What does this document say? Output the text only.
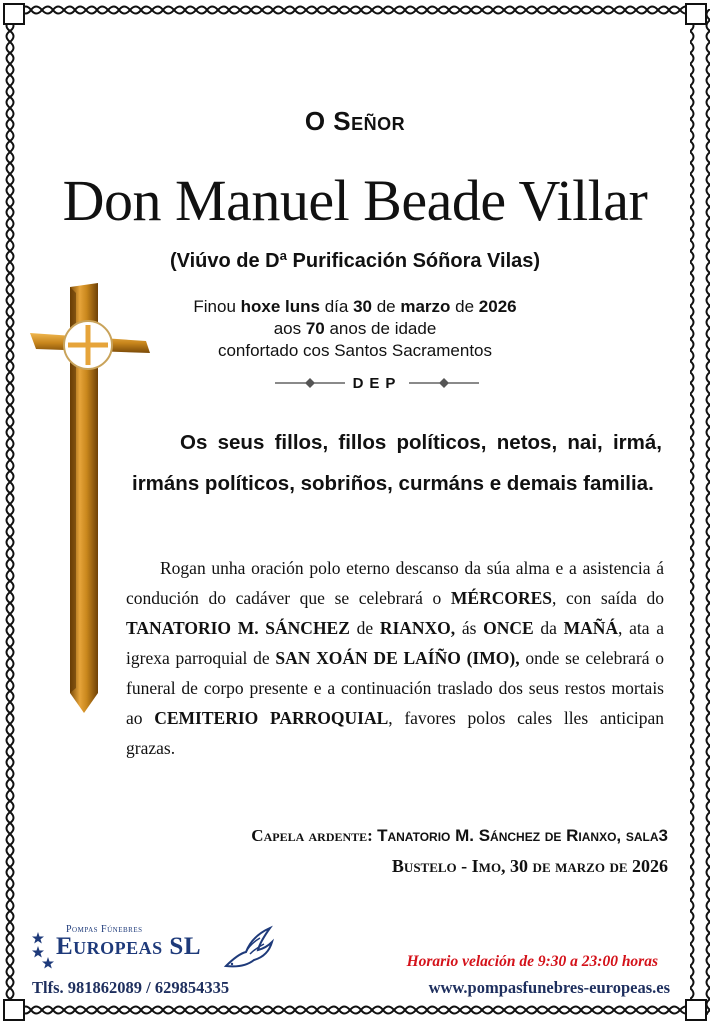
O Señor
Don Manuel Beade Villar
(Viúvo de Dª Purificación Sóñora Vilas)
Finou hoxe luns día 30 de marzo de 2026
aos 70 anos de idade
confortado cos Santos Sacramentos
DEP
Os seus fillos, fillos políticos, netos, nai, irmá, irmáns políticos, sobriños, curmáns e demais familia.
Rogan unha oración polo eterno descanso da súa alma e a asistencia á condución do cadáver que se celebrará o MÉRCORES, con saída do TANATORIO M. SÁNCHEZ de RIANXO, ás ONCE da MAÑÁ, ata a igrexa parroquial de SAN XOÁN DE LAÍÑO (IMO), onde se celebrará o funeral de corpo presente e a continuación traslado dos seus restos mortais ao CEMITERIO PARROQUIAL, favores polos cales lles anticipan grazas.
Capela ardente: Tanatorio M. Sánchez de Rianxo, sala3
Bustelo - Imo, 30 de marzo de 2026
Pompas Fúnebres
Europeas SL
Tlfs. 981862089 / 629854335
Horario velación de 9:30 a 23:00 horas
www.pompasfunebres-europeas.es
